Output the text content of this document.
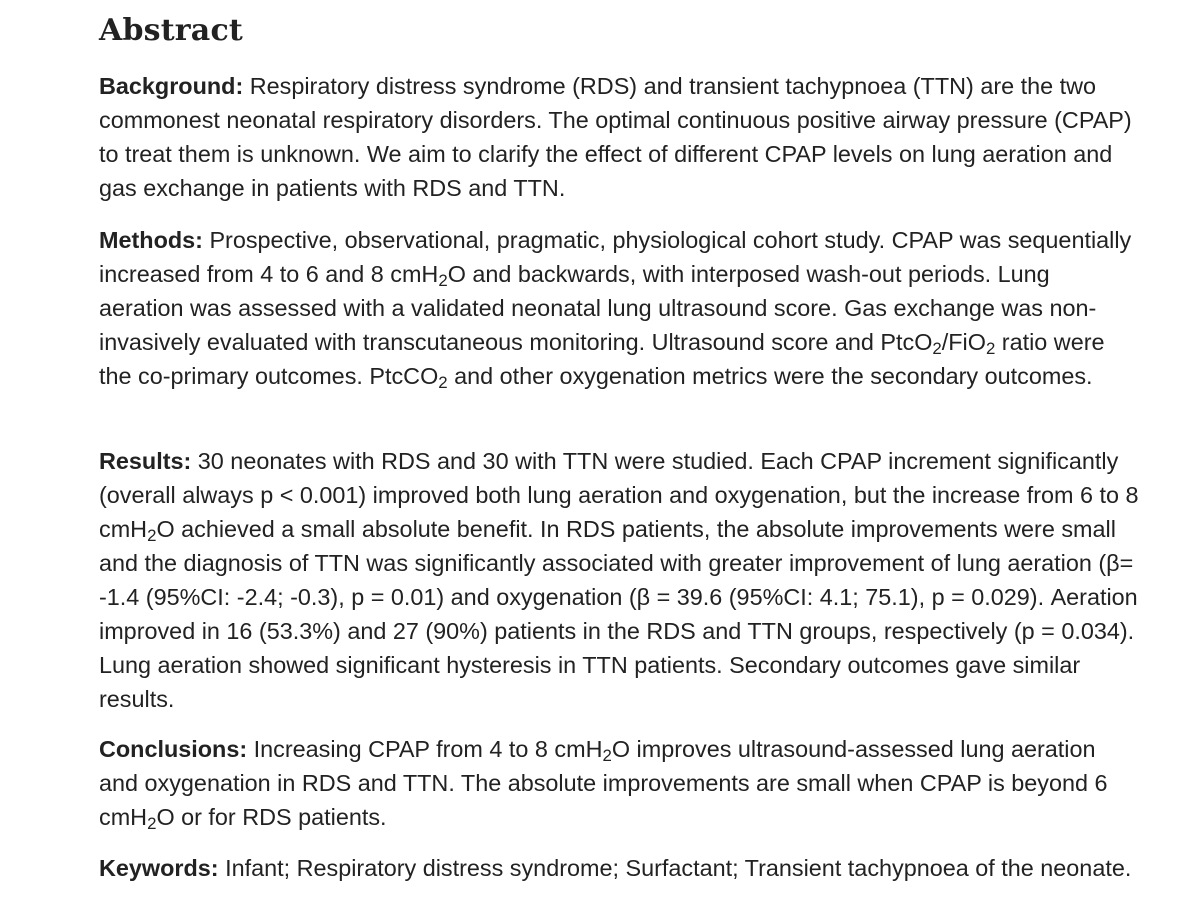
Abstract

Background: Respiratory distress syndrome (RDS) and transient tachypnoea (TTN) are the two commonest neonatal respiratory disorders. The optimal continuous positive airway pressure (CPAP) to treat them is unknown. We aim to clarify the effect of different CPAP levels on lung aeration and gas exchange in patients with RDS and TTN.

Methods: Prospective, observational, pragmatic, physiological cohort study. CPAP was sequentially increased from 4 to 6 and 8 cmH$_2$O and backwards, with interposed wash-out periods. Lung aeration was assessed with a validated neonatal lung ultrasound score. Gas exchange was non-invasively evaluated with transcutaneous monitoring. Ultrasound score and PtcO$_2$/FiO$_2$ ratio were the co-primary outcomes. PtcCO$_2$ and other oxygenation metrics were the secondary outcomes.

Results: 30 neonates with RDS and 30 with TTN were studied. Each CPAP increment significantly (overall always p < 0.001) improved both lung aeration and oxygenation, but the increase from 6 to 8 cmH$_2$O achieved a small absolute benefit. In RDS patients, the absolute improvements were small and the diagnosis of TTN was significantly associated with greater improvement of lung aeration (β= -1.4 (95%CI: -2.4; -0.3), p = 0.01) and oxygenation (β = 39.6 (95%CI: 4.1; 75.1), p = 0.029). Aeration improved in 16 (53.3%) and 27 (90%) patients in the RDS and TTN groups, respectively (p = 0.034). Lung aeration showed significant hysteresis in TTN patients. Secondary outcomes gave similar results.

Conclusions: Increasing CPAP from 4 to 8 cmH$_2$O improves ultrasound-assessed lung aeration and oxygenation in RDS and TTN. The absolute improvements are small when CPAP is beyond 6 cmH$_2$O or for RDS patients.

Keywords: Infant; Respiratory distress syndrome; Surfactant; Transient tachypnoea of the neonate.
